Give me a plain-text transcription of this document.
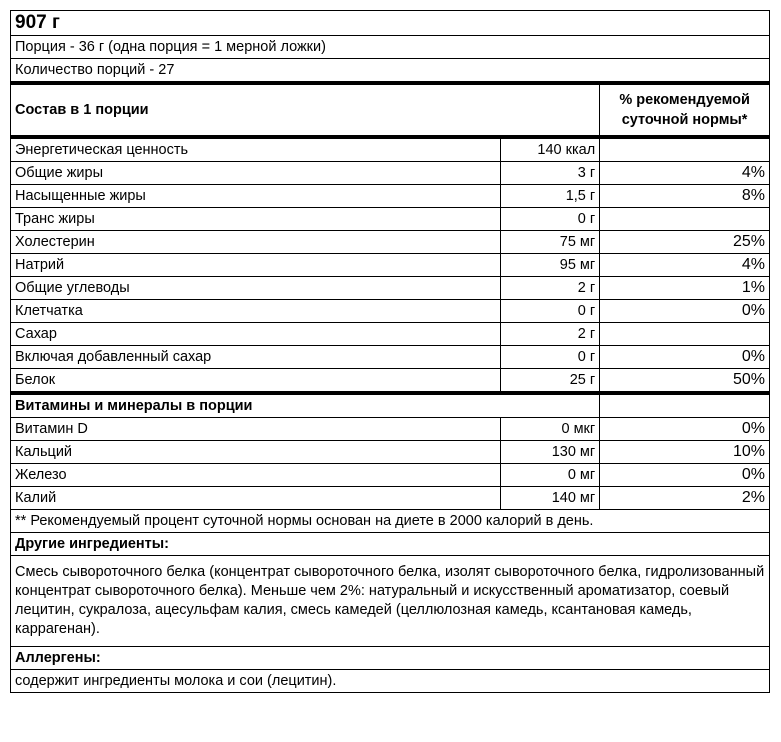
907 г		
Порция - 36 г (одна порция = 1 мерной ложки)		
Количество порций - 27		
Состав в 1 порции		% рекомендуемой суточной нормы*
Энергетическая ценность	140 ккал	
Общие жиры	3 г	4%
Насыщенные жиры	1,5 г	8%
Транс жиры	0 г	
Холестерин	75 мг	25%
Натрий	95 мг	4%
Общие углеводы	2 г	1%
Клетчатка	0 г	0%
Сахар	2 г	
Включая добавленный сахар	0 г	0%
Белок	25 г	50%
Витамины и минералы в порции		
Витамин D	0 мкг	0%
Кальций	130 мг	10%
Железо	0 мг	0%
Калий	140 мг	2%
** Рекомендуемый процент суточной нормы основан на диете в 2000 калорий в день.		
Другие ингредиенты:		
Смесь сывороточного белка (концентрат сывороточного белка, изолят сывороточного белка, гидролизованный концентрат сывороточного белка). Меньше чем 2%: натуральный и искусственный ароматизатор, соевый лецитин, сукралоза, ацесульфам калия, смесь камедей (целлюлозная камедь, ксантановая камедь, каррагенан).		
Аллергены:		
содержит ингредиенты молока и сои (лецитин).		
